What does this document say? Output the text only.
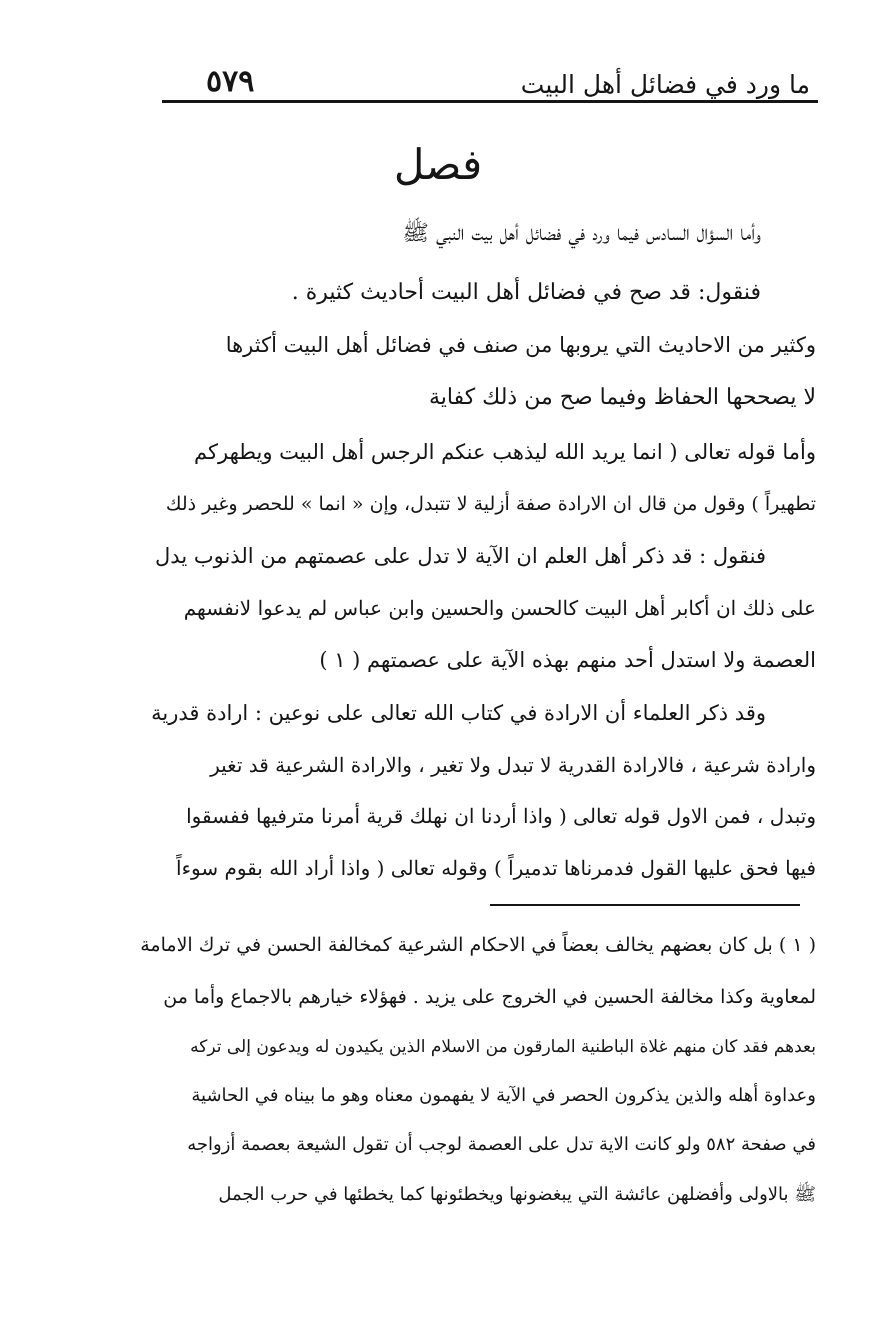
ما ورد في فضائل أهل البيت
٥٧٩
فصل
وأما السؤال السادس فيما ورد في فضائل أهل بيت النبي ﷺ
فنقول: قد صح في فضائل أهل البيت أحاديث كثيرة .
وكثير من الاحاديث التي يروبها من صنف في فضائل أهل البيت أكثرها
لا يصححها الحفاظ وفيما صح من ذلك كفاية
وأما قوله تعالى ( انما يريد الله ليذهب عنكم الرجس أهل البيت ويطهركم
تطهيراً ) وقول من قال ان الارادة صفة أزلية لا تتبدل، وإن « انما » للحصر وغير ذلك
فنقول : قد ذكر أهل العلم ان الآية لا تدل على عصمتهم من الذنوب يدل
على ذلك ان أكابر أهل البيت كالحسن والحسين وابن عباس لم يدعوا لانفسهم
العصمة ولا استدل أحد منهم بهذه الآية على عصمتهم ( ١ )
وقد ذكر العلماء أن الارادة في كتاب الله تعالى على نوعين : ارادة قدرية
وارادة شرعية ، فالارادة القدرية لا تبدل ولا تغير ، والارادة الشرعية قد تغير
وتبدل ، فمن الاول قوله تعالى ( واذا أردنا ان نهلك قرية أمرنا مترفيها ففسقوا
فيها فحق عليها القول فدمرناها تدميراً ) وقوله تعالى ( واذا أراد الله بقوم سوءاً
( ١ ) بل كان بعضهم يخالف بعضاً في الاحكام الشرعية كمخالفة الحسن في ترك الامامة
لمعاوية وكذا مخالفة الحسين في الخروج على يزيد . فهؤلاء خيارهم بالاجماع وأما من
بعدهم فقد كان منهم غلاة الباطنية المارقون من الاسلام الذين يكيدون له ويدعون إلى تركه
وعداوة أهله والذين يذكرون الحصر في الآية لا يفهمون معناه وهو ما بيناه في الحاشية
في صفحة ٥٨٢ ولو كانت الاية تدل على العصمة لوجب أن تقول الشيعة بعصمة أزواجه
ﷺ بالاولى وأفضلهن عائشة التي يبغضونها ويخطئونها كما يخطئها في حرب الجمل
